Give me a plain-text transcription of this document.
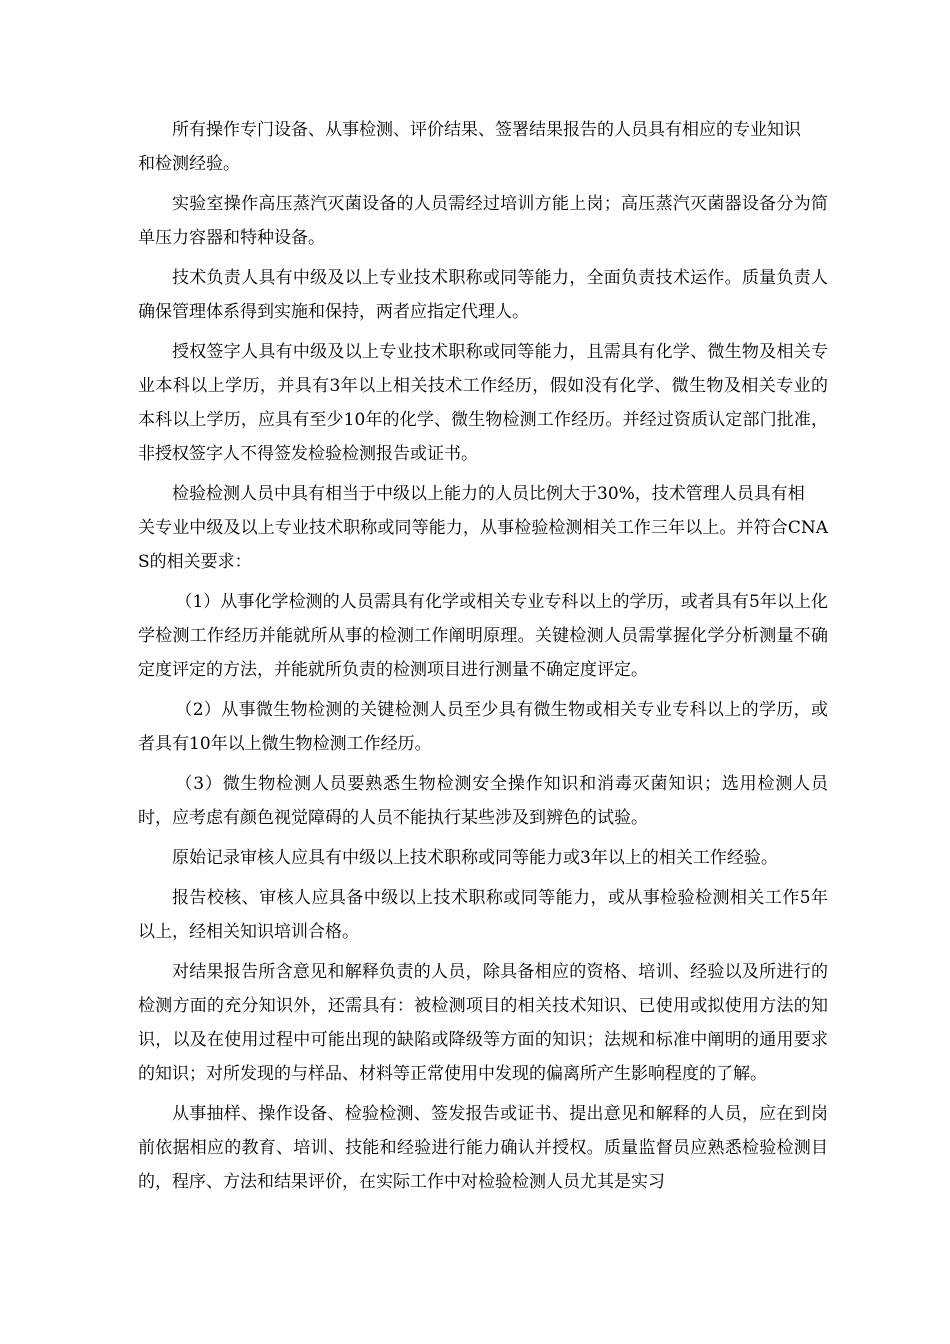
所有操作专门设备、从事检测、评价结果、签署结果报告的人员具有相应的专业知识

和检测经验。

实验室操作高压蒸汽灭菌设备的人员需经过培训方能上岗；高压蒸汽灭菌器设备分为简单压力容器和特种设备。

技术负责人具有中级及以上专业技术职称或同等能力，全面负责技术运作。质量负责人确保管理体系得到实施和保持，两者应指定代理人。

授权签字人具有中级及以上专业技术职称或同等能力，且需具有化学、微生物及相关专业本科以上学历，并具有3年以上相关技术工作经历，假如没有化学、微生物及相关专业的本科以上学历，应具有至少10年的化学、微生物检测工作经历。并经过资质认定部门批准，非授权签字人不得签发检验检测报告或证书。

检验检测人员中具有相当于中级以上能力的人员比例大于30%，技术管理人员具有相

关专业中级及以上专业技术职称或同等能力，从事检验检测相关工作三年以上。并符合CNAS的相关要求：

（1）从事化学检测的人员需具有化学或相关专业专科以上的学历，或者具有5年以上化学检测工作经历并能就所从事的检测工作阐明原理。关键检测人员需掌握化学分析测量不确定度评定的方法，并能就所负责的检测项目进行测量不确定度评定。

（2）从事微生物检测的关键检测人员至少具有微生物或相关专业专科以上的学历，或者具有10年以上微生物检测工作经历。

（3）微生物检测人员要熟悉生物检测安全操作知识和消毒灭菌知识；选用检测人员时，应考虑有颜色视觉障碍的人员不能执行某些涉及到辨色的试验。

原始记录审核人应具有中级以上技术职称或同等能力或3年以上的相关工作经验。

报告校核、审核人应具备中级以上技术职称或同等能力，或从事检验检测相关工作5年以上，经相关知识培训合格。

对结果报告所含意见和解释负责的人员，除具备相应的资格、培训、经验以及所进行的检测方面的充分知识外，还需具有：被检测项目的相关技术知识、已使用或拟使用方法的知识，以及在使用过程中可能出现的缺陷或降级等方面的知识；法规和标准中阐明的通用要求的知识；对所发现的与样品、材料等正常使用中发现的偏离所产生影响程度的了解。

从事抽样、操作设备、检验检测、签发报告或证书、提出意见和解释的人员，应在到岗前依据相应的教育、培训、技能和经验进行能力确认并授权。质量监督员应熟悉检验检测目的，程序、方法和结果评价，在实际工作中对检验检测人员尤其是实习
